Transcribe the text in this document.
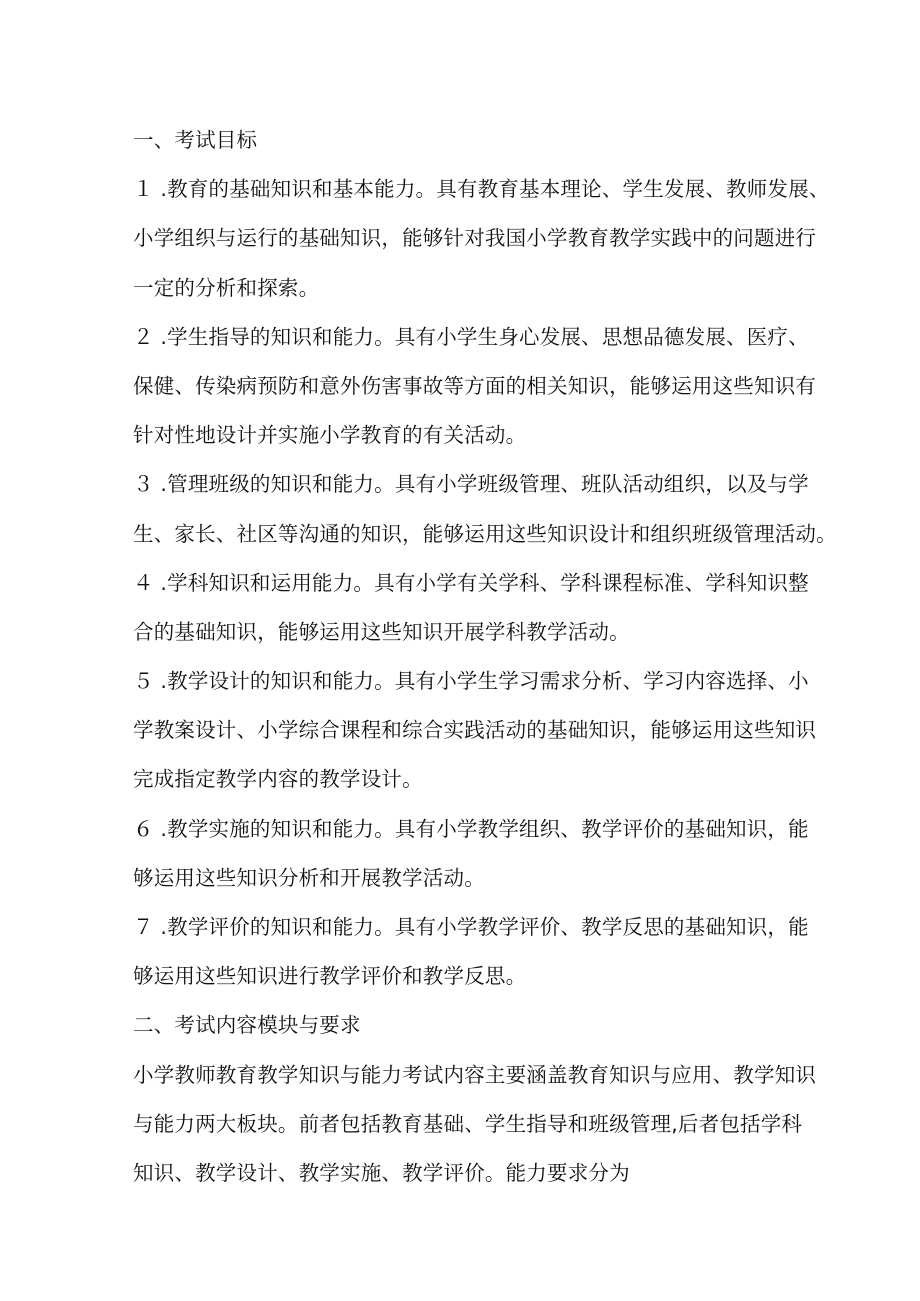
一、考试目标
１ .教育的基础知识和基本能力。具有教育基本理论、学生发展、教师发展、
小学组织与运行的基础知识，能够针对我国小学教育教学实践中的问题进行
一定的分析和探索。
２ .学生指导的知识和能力。具有小学生身心发展、思想品德发展、医疗、
保健、传染病预防和意外伤害事故等方面的相关知识，能够运用这些知识有
针对性地设计并实施小学教育的有关活动。
３ .管理班级的知识和能力。具有小学班级管理、班队活动组织，以及与学
生、家长、社区等沟通的知识，能够运用这些知识设计和组织班级管理活动。
４ .学科知识和运用能力。具有小学有关学科、学科课程标准、学科知识整
合的基础知识，能够运用这些知识开展学科教学活动。
５ .教学设计的知识和能力。具有小学生学习需求分析、学习内容选择、小
学教案设计、小学综合课程和综合实践活动的基础知识，能够运用这些知识
完成指定教学内容的教学设计。
６ .教学实施的知识和能力。具有小学教学组织、教学评价的基础知识，能
够运用这些知识分析和开展教学活动。
７ .教学评价的知识和能力。具有小学教学评价、教学反思的基础知识，能
够运用这些知识进行教学评价和教学反思。
二、考试内容模块与要求
小学教师教育教学知识与能力考试内容主要涵盖教育知识与应用、教学知识
与能力两大板块。前者包括教育基础、学生指导和班级管理,后者包括学科
知识、教学设计、教学实施、教学评价。能力要求分为
